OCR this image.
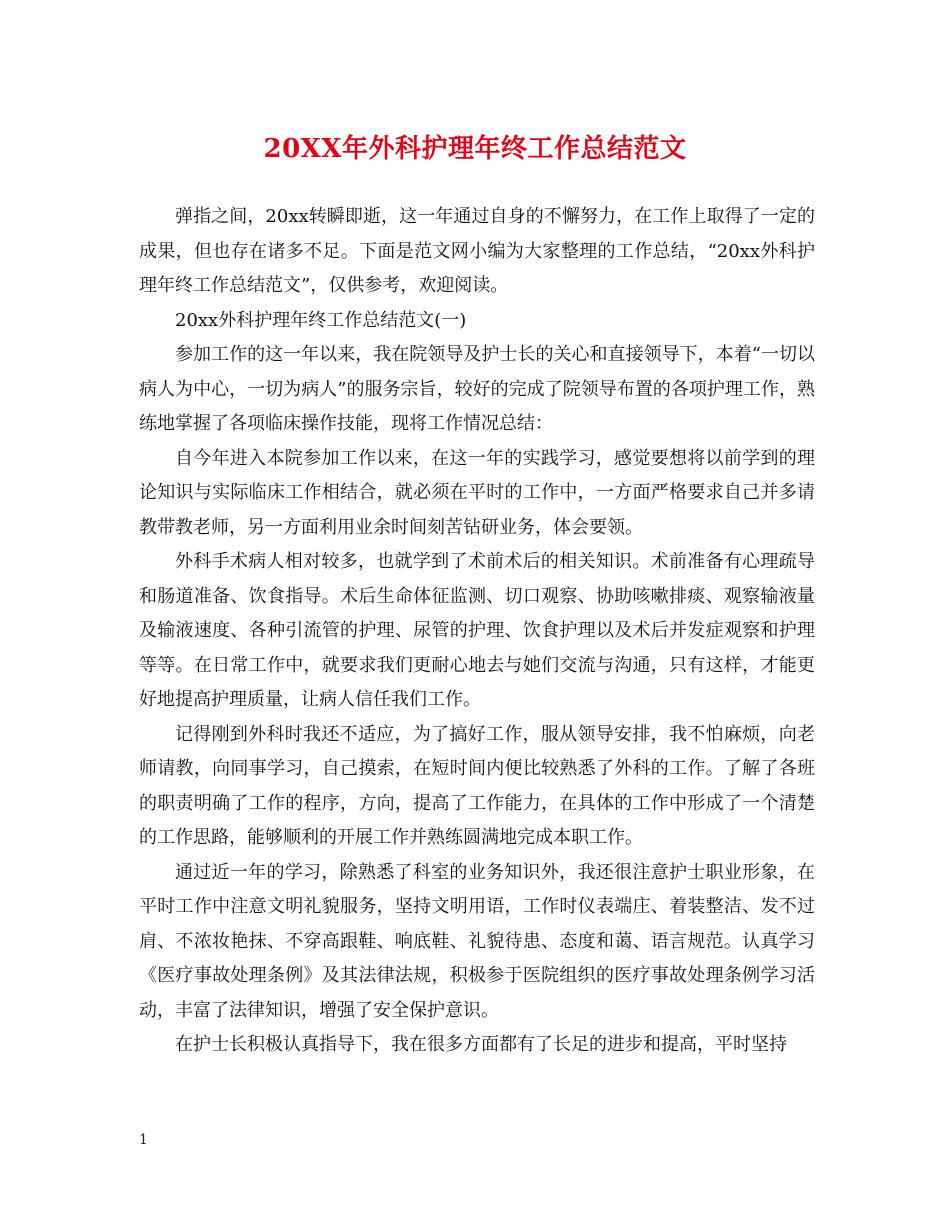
20XX年外科护理年终工作总结范文

弹指之间，20xx转瞬即逝，这一年通过自身的不懈努力，在工作上取得了一定的成果，但也存在诸多不足。下面是范文网小编为大家整理的工作总结，“20xx外科护理年终工作总结范文”，仅供参考，欢迎阅读。

20xx外科护理年终工作总结范文(一)

参加工作的这一年以来，我在院领导及护士长的关心和直接领导下，本着“一切以病人为中心，一切为病人”的服务宗旨，较好的完成了院领导布置的各项护理工作，熟练地掌握了各项临床操作技能，现将工作情况总结：

自今年进入本院参加工作以来，在这一年的实践学习，感觉要想将以前学到的理论知识与实际临床工作相结合，就必须在平时的工作中，一方面严格要求自己并多请教带教老师，另一方面利用业余时间刻苦钻研业务，体会要领。

外科手术病人相对较多，也就学到了术前术后的相关知识。术前准备有心理疏导和肠道准备、饮食指导。术后生命体征监测、切口观察、协助咳嗽排痰、观察输液量及输液速度、各种引流管的护理、尿管的护理、饮食护理以及术后并发症观察和护理等等。在日常工作中，就要求我们更耐心地去与她们交流与沟通，只有这样，才能更好地提高护理质量，让病人信任我们工作。

记得刚到外科时我还不适应，为了搞好工作，服从领导安排，我不怕麻烦，向老师请教，向同事学习，自己摸索，在短时间内便比较熟悉了外科的工作。了解了各班的职责明确了工作的程序，方向，提高了工作能力，在具体的工作中形成了一个清楚的工作思路，能够顺利的开展工作并熟练圆满地完成本职工作。

通过近一年的学习，除熟悉了科室的业务知识外，我还很注意护士职业形象，在平时工作中注意文明礼貌服务，坚持文明用语，工作时仪表端庄、着装整洁、发不过肩、不浓妆艳抹、不穿高跟鞋、响底鞋、礼貌待患、态度和蔼、语言规范。认真学习《医疗事故处理条例》及其法律法规，积极参于医院组织的医疗事故处理条例学习活动，丰富了法律知识，增强了安全保护意识。

在护士长积极认真指导下，我在很多方面都有了长足的进步和提高，平时坚持

1
